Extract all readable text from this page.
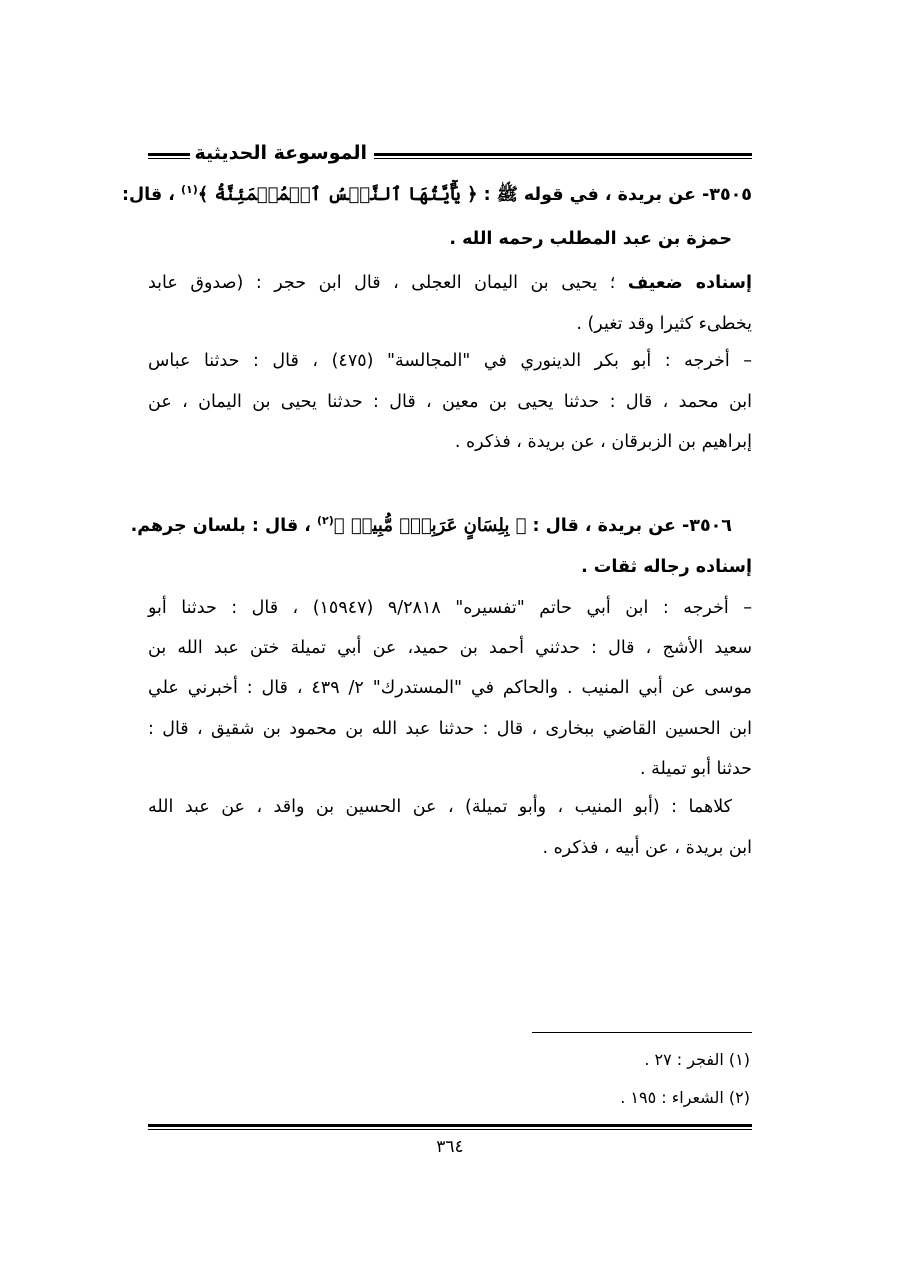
الموسوعة الحديثية
٣٥٠٥- عن بريدة ، في قوله ﷺ : ﴿ يَٰٓأَيَّتُهَا ٱلنَّفۡسُ ٱلۡمُطۡمَئِنَّةُ ﴾$^{(١)}$ ، قال:
حمزة بن عبد المطلب رحمه الله .
إسناده ضعيف ؛ يحيى بن اليمان العجلى ، قال ابن حجر : (صدوق عابد
يخطىء كثيرا وقد تغير) .
– أخرجه : أبو بكر الدينوري في "المجالسة" (٤٧٥) ، قال : حدثنا عباس
ابن محمد ، قال : حدثنا يحيى بن معين ، قال : حدثنا يحيى بن اليمان ، عن
إبراهيم بن الزبرقان ، عن بريدة ، فذكره .
٣٥٠٦- عن بريدة ، قال : ﴿ بِلِسَانٍ عَرَبِيّٖ مُّبِينٖ ﴾$^{(٢)}$ ، قال : بلسان جرهم.
إسناده رجاله ثقات .
– أخرجه : ابن أبي حاتم "تفسيره" ٩/٢٨١٨ (١٥٩٤٧) ، قال : حدثنا أبو
سعيد الأشج ، قال : حدثني أحمد بن حميد، عن أبي تميلة ختن عبد الله بن
موسى عن أبي المنيب . والحاكم في "المستدرك" ٢/ ٤٣٩ ، قال : أخبرني علي
ابن الحسين القاضي ببخارى ، قال : حدثنا عبد الله بن محمود بن شقيق ، قال :
حدثنا أبو تميلة .
كلاهما : (أبو المنيب ، وأبو تميلة) ، عن الحسين بن واقد ، عن عبد الله
ابن بريدة ، عن أبيه ، فذكره .
(١) الفجر : ٢٧ .
(٢) الشعراء : ١٩٥ .
٣٦٤
